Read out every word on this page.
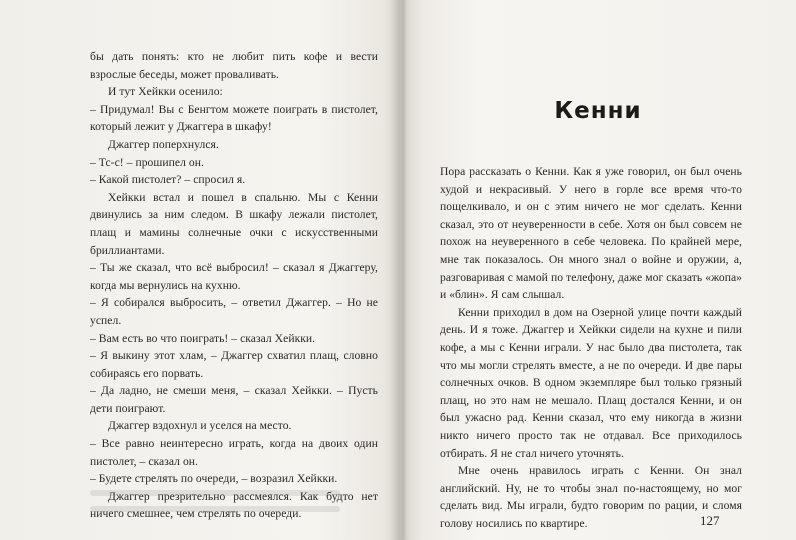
бы дать понять: кто не любит пить кофе и вести взрослые беседы, может проваливать.

И тут Хейкки осенило:

– Придумал! Вы с Бенгтом можете поиграть в пистолет, который лежит у Джаггера в шкафу!

Джаггер поперхнулся.

– Тс-с! – прошипел он.

– Какой пистолет? – спросил я.

Хейкки встал и пошел в спальню. Мы с Кенни двинулись за ним следом. В шкафу лежали пистолет, плащ и мамины солнечные очки с искусственными бриллиантами.

– Ты же сказал, что всё выбросил! – сказал я Джаггеру, когда мы вернулись на кухню.

– Я собирался выбросить, – ответил Джаггер. – Но не успел.

– Вам есть во что поиграть! – сказал Хейкки.

– Я выкину этот хлам, – Джаггер схватил плащ, словно собираясь его порвать.

– Да ладно, не смеши меня, – сказал Хейкки. – Пусть дети поиграют.

Джаггер вздохнул и уселся на место.

– Все равно неинтересно играть, когда на двоих один пистолет, – сказал он.

– Будете стрелять по очереди, – возразил Хейкки.

Джаггер презрительно рассмеялся. Как будто нет ничего смешнее, чем стрелять по очереди.

Кенни

Пора рассказать о Кенни. Как я уже говорил, он был очень худой и некрасивый. У него в горле все время что-то пощелкивало, и он с этим ничего не мог сделать. Кенни сказал, это от неуверенности в себе. Хотя он был совсем не похож на неуверенного в себе человека. По крайней мере, мне так показалось. Он много знал о войне и оружии, а, разговаривая с мамой по телефону, даже мог сказать «жопа» и «блин». Я сам слышал.

Кенни приходил в дом на Озерной улице почти каждый день. И я тоже. Джаггер и Хейкки сидели на кухне и пили кофе, а мы с Кенни играли. У нас было два пистолета, так что мы могли стрелять вместе, а не по очереди. И две пары солнечных очков. В одном экземпляре был только грязный плащ, но это нам не мешало. Плащ достался Кенни, и он был ужасно рад. Кенни сказал, что ему никогда в жизни никто ничего просто так не отдавал. Все приходилось отбирать. Я не стал ничего уточнять.

Мне очень нравилось играть с Кенни. Он знал английский. Ну, не то чтобы знал по-настоящему, но мог сделать вид. Мы играли, будто говорим по рации, и сломя голову носились по квартире.	127
